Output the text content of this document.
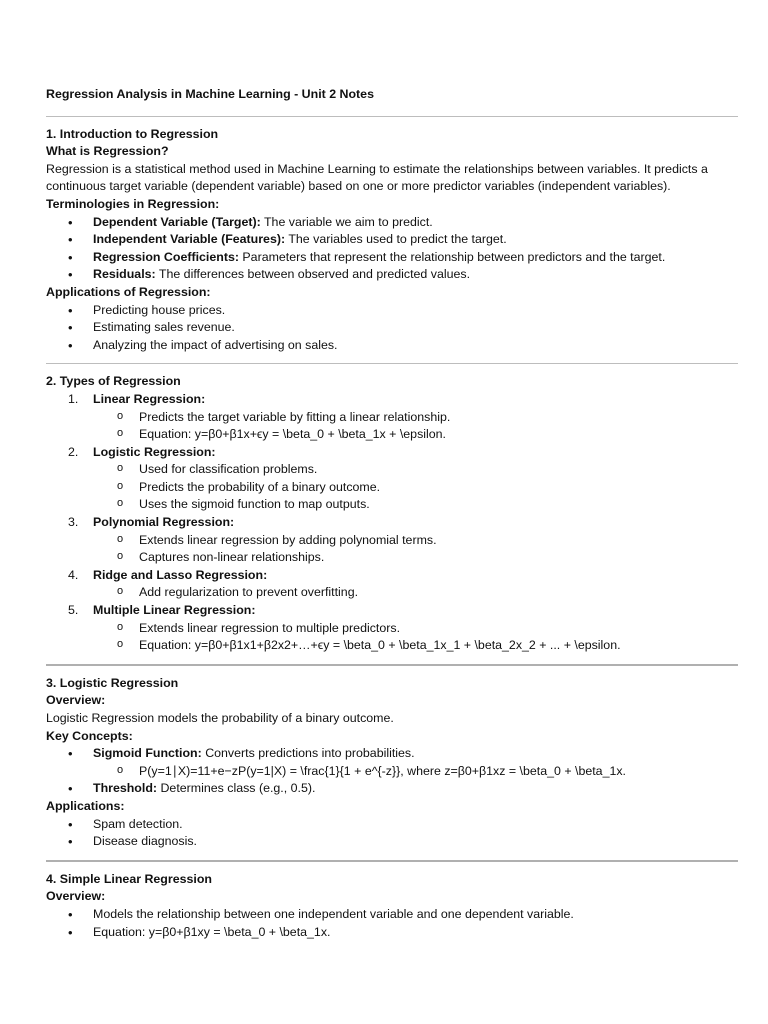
Regression Analysis in Machine Learning - Unit 2 Notes

1. Introduction to Regression

What is Regression?

Regression is a statistical method used in Machine Learning to estimate the relationships between variables. It predicts a continuous target variable (dependent variable) based on one or more predictor variables (independent variables).

Terminologies in Regression:

• Dependent Variable (Target): The variable we aim to predict.
• Independent Variable (Features): The variables used to predict the target.
• Regression Coefficients: Parameters that represent the relationship between predictors and the target.
• Residuals: The differences between observed and predicted values.

Applications of Regression:

• Predicting house prices.
• Estimating sales revenue.
• Analyzing the impact of advertising on sales.

2. Types of Regression

1. Linear Regression:
o Predicts the target variable by fitting a linear relationship.
o Equation: y=β0+β1x+ϵy = \beta_0 + \beta_1x + \epsilon.
2. Logistic Regression:
o Used for classification problems.
o Predicts the probability of a binary outcome.
o Uses the sigmoid function to map outputs.
3. Polynomial Regression:
o Extends linear regression by adding polynomial terms.
o Captures non-linear relationships.
4. Ridge and Lasso Regression:
o Add regularization to prevent overfitting.
5. Multiple Linear Regression:
o Extends linear regression to multiple predictors.
o Equation: y=β0+β1x1+β2x2+…+ϵy = \beta_0 + \beta_1x_1 + \beta_2x_2 + ... + \epsilon.

3. Logistic Regression

Overview:

Logistic Regression models the probability of a binary outcome.

Key Concepts:

• Sigmoid Function: Converts predictions into probabilities.
o P(y=1∣X)=11+e−zP(y=1|X) = \frac{1}{1 + e^{-z}}, where z=β0+β1xz = \beta_0 + \beta_1x.
• Threshold: Determines class (e.g., 0.5).

Applications:

• Spam detection.
• Disease diagnosis.

4. Simple Linear Regression

Overview:

• Models the relationship between one independent variable and one dependent variable.
• Equation: y=β0+β1xy = \beta_0 + \beta_1x.
